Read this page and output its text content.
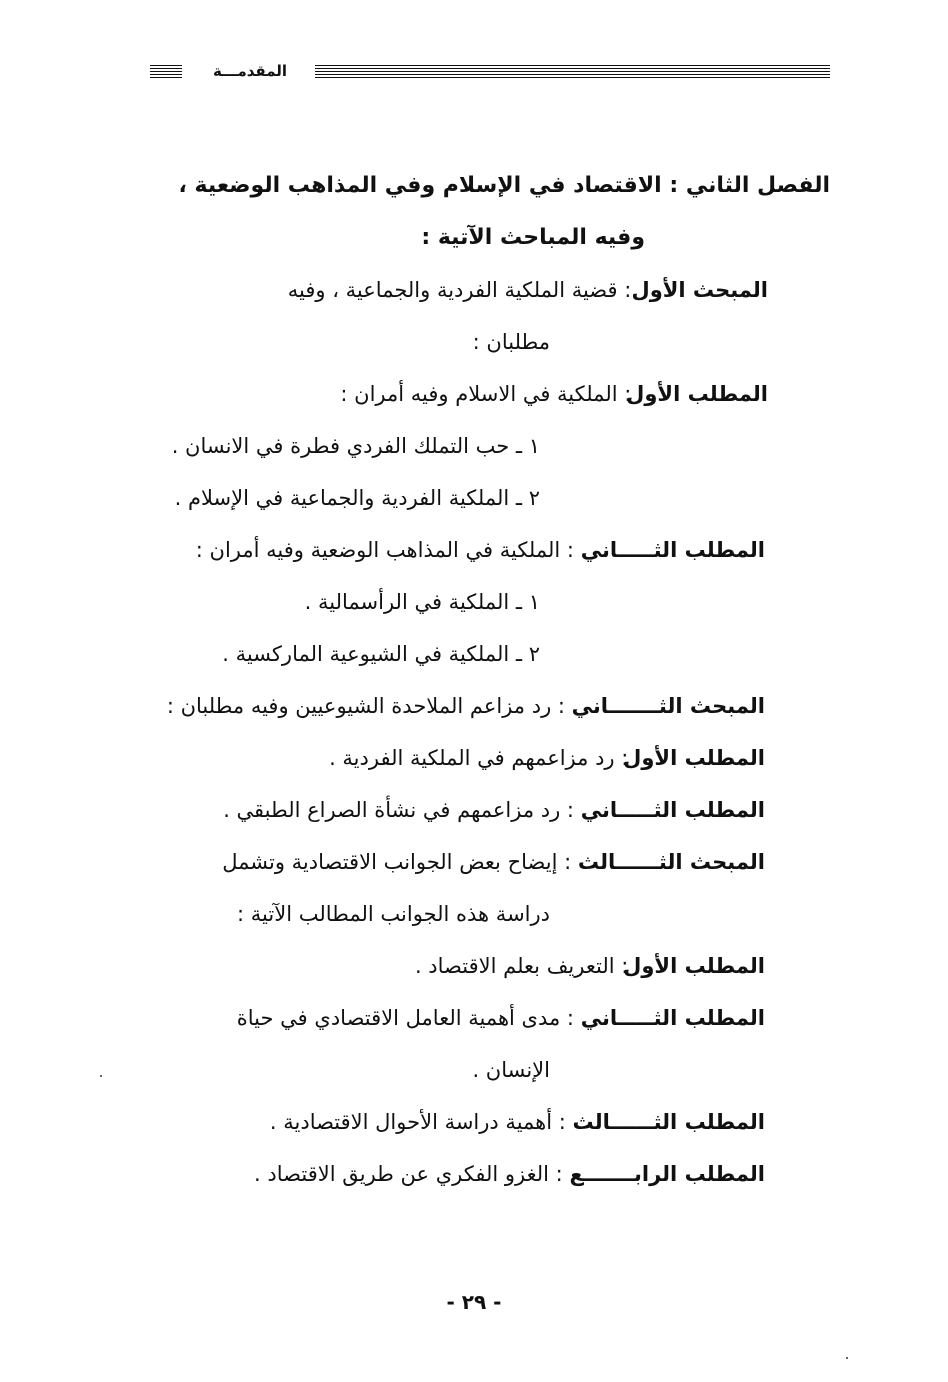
المقدمـــة
الفصل الثاني : الاقتصاد في الإسلام وفي المذاهب الوضعية ،
وفيه المباحث الآتية :
المبحث الأول : قضية الملكية الفردية والجماعية ، وفيه
مطلبان :
المطلب الأول : الملكية في الاسلام وفيه أمران :
١ ـ حب التملك الفردي فطرة في الانسان .
٢ ـ الملكية الفردية والجماعية في الإسلام .
المطلب الثـــــاني : الملكية في المذاهب الوضعية وفيه أمران :
١ ـ الملكية في الرأسمالية .
٢ ـ الملكية في الشيوعية الماركسية .
المبحث الثـــــــاني : رد مزاعم الملاحدة الشيوعيين وفيه مطلبان :
المطلب الأول : رد مزاعمهم في الملكية الفردية .
المطلب الثـــــاني : رد مزاعمهم في نشأة الصراع الطبقي .
المبحث الثــــــالث : إيضاح بعض الجوانب الاقتصادية وتشمل
دراسة هذه الجوانب المطالب الآتية :
المطلب الأول : التعريف بعلم الاقتصاد .
المطلب الثـــــاني : مدى أهمية العامل الاقتصادي في حياة
الإنسان .
المطلب الثــــــالث : أهمية دراسة الأحوال الاقتصادية .
المطلب الرابـــــــع : الغزو الفكري عن طريق الاقتصاد .
- ٢٩ -
